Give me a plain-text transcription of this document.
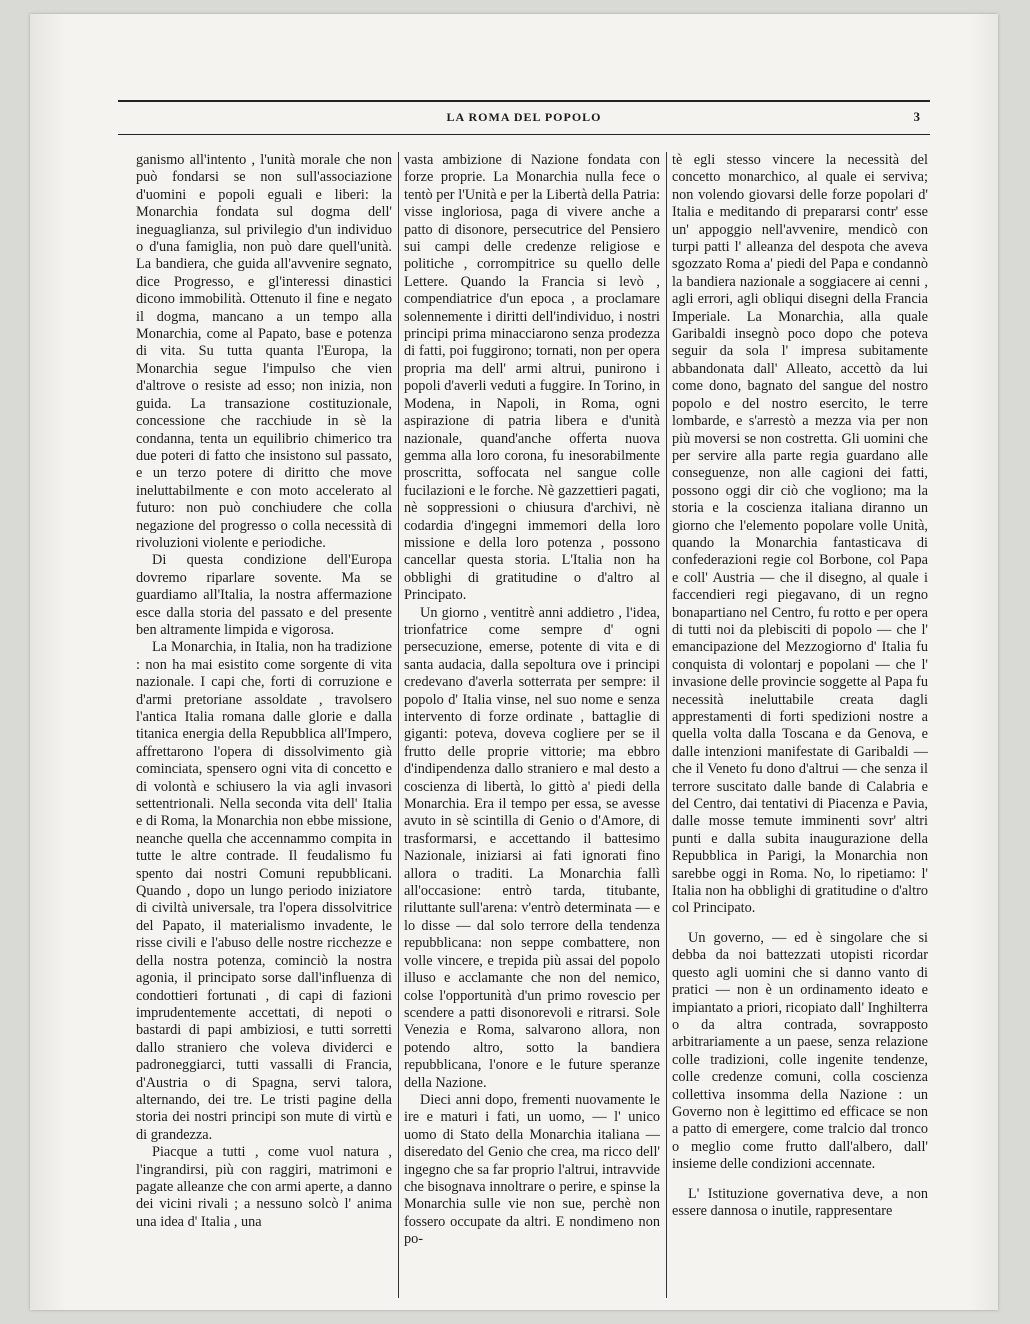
LA ROMA DEL POPOLO	3

ganismo all'intento , l'unità morale che non può fondarsi se non sull'associazione d'uomini e popoli eguali e liberi: la Monarchia fondata sul dogma dell' ineguaglianza, sul privilegio d'un individuo o d'una famiglia, non può dare quell'unità. La bandiera, che guida all'avvenire segnato, dice Progresso, e gl'interessi dinastici dicono immobilità. Ottenuto il fine e negato il dogma, mancano a un tempo alla Monarchia, come al Papato, base e potenza di vita. Su tutta quanta l'Europa, la Monarchia segue l'impulso che vien d'altrove o resiste ad esso; non inizia, non guida. La transazione costituzionale, concessione che racchiude in sè la condanna, tenta un equilibrio chimerico tra due poteri di fatto che insistono sul passato, e un terzo potere di diritto che move ineluttabilmente e con moto accelerato al futuro: non può conchiudere che colla negazione del progresso o colla necessità di rivoluzioni violente e periodiche.

Di questa condizione dell'Europa dovremo riparlare sovente. Ma se guardiamo all'Italia, la nostra affermazione esce dalla storia del passato e del presente ben altramente limpida e vigorosa.

La Monarchia, in Italia, non ha tradizione : non ha mai esistito come sorgente di vita nazionale. I capi che, forti di corruzione e d'armi pretoriane assoldate , travolsero l'antica Italia romana dalle glorie e dalla titanica energia della Repubblica all'Impero, affrettarono l'opera di dissolvimento già cominciata, spensero ogni vita di concetto e di volontà e schiusero la via agli invasori settentrionali. Nella seconda vita dell' Italia e di Roma, la Monarchia non ebbe missione, neanche quella che accennammo compita in tutte le altre contrade. Il feudalismo fu spento dai nostri Comuni repubblicani. Quando , dopo un lungo periodo iniziatore di civiltà universale, tra l'opera dissolvitrice del Papato, il materialismo invadente, le risse civili e l'abuso delle nostre ricchezze e della nostra potenza, cominciò la nostra agonia, il principato sorse dall'influenza di condottieri fortunati , di capi di fazioni imprudentemente accettati, di nepoti o bastardi di papi ambiziosi, e tutti sorretti dallo straniero che voleva dividerci e padroneggiarci, tutti vassalli di Francia, d'Austria o di Spagna, servi talora, alternando, dei tre. Le tristi pagine della storia dei nostri principi son mute di virtù e di grandezza.

Piacque a tutti , come vuol natura , l'ingrandirsi, più con raggiri, matrimoni e pagate alleanze che con armi aperte, a danno dei vicini rivali ; a nessuno solcò l' anima una idea d' Italia , una

vasta ambizione di Nazione fondata con forze proprie. La Monarchia nulla fece o tentò per l'Unità e per la Libertà della Patria: visse ingloriosa, paga di vivere anche a patto di disonore, persecutrice del Pensiero sui campi delle credenze religiose e politiche , corrompitrice su quello delle Lettere. Quando la Francia si levò , compendiatrice d'un epoca , a proclamare solennemente i diritti dell'individuo, i nostri principi prima minacciarono senza prodezza di fatti, poi fuggirono; tornati, non per opera propria ma dell' armi altrui, punirono i popoli d'averli veduti a fuggire. In Torino, in Modena, in Napoli, in Roma, ogni aspirazione di patria libera e d'unità nazionale, quand'anche offerta nuova gemma alla loro corona, fu inesorabilmente proscritta, soffocata nel sangue colle fucilazioni e le forche. Nè gazzettieri pagati, nè soppressioni o chiusura d'archivi, nè codardia d'ingegni immemori della loro missione e della loro potenza , possono cancellar questa storia. L'Italia non ha obblighi di gratitudine o d'altro al Principato.

Un giorno , ventitrè anni addietro , l'idea, trionfatrice come sempre d' ogni persecuzione, emerse, potente di vita e di santa audacia, dalla sepoltura ove i principi credevano d'averla sotterrata per sempre: il popolo d' Italia vinse, nel suo nome e senza intervento di forze ordinate , battaglie di giganti: poteva, doveva cogliere per se il frutto delle proprie vittorie; ma ebbro d'indipendenza dallo straniero e mal desto a coscienza di libertà, lo gittò a' piedi della Monarchia. Era il tempo per essa, se avesse avuto in sè scintilla di Genio o d'Amore, di trasformarsi, e accettando il battesimo Nazionale, iniziarsi ai fati ignorati fino allora o traditi. La Monarchia fallì all'occasione: entrò tarda, titubante, riluttante sull'arena: v'entrò determinata — e lo disse — dal solo terrore della tendenza repubblicana: non seppe combattere, non volle vincere, e trepida più assai del popolo illuso e acclamante che non del nemico, colse l'opportunità d'un primo rovescio per scendere a patti disonorevoli e ritrarsi. Sole Venezia e Roma, salvarono allora, non potendo altro, sotto la bandiera repubblicana, l'onore e le future speranze della Nazione.

Dieci anni dopo, frementi nuovamente le ire e maturi i fati, un uomo, — l' unico uomo di Stato della Monarchia italiana — diseredato del Genio che crea, ma ricco dell' ingegno che sa far proprio l'altrui, intravvide che bisognava innoltrare o perire, e spinse la Monarchia sulle vie non sue, perchè non fossero occupate da altri. E nondimeno non po-

tè egli stesso vincere la necessità del concetto monarchico, al quale ei serviva; non volendo giovarsi delle forze popolari d' Italia e meditando di prepararsi contr' esse un' appoggio nell'avvenire, mendicò con turpi patti l' alleanza del despota che aveva sgozzato Roma a' piedi del Papa e condannò la bandiera nazionale a soggiacere ai cenni , agli errori, agli obliqui disegni della Francia Imperiale. La Monarchia, alla quale Garibaldi insegnò poco dopo che poteva seguir da sola l' impresa subitamente abbandonata dall' Alleato, accettò da lui come dono, bagnato del sangue del nostro popolo e del nostro esercito, le terre lombarde, e s'arrestò a mezza via per non più moversi se non costretta. Gli uomini che per servire alla parte regia guardano alle conseguenze, non alle cagioni dei fatti, possono oggi dir ciò che vogliono; ma la storia e la coscienza italiana diranno un giorno che l'elemento popolare volle Unità, quando la Monarchia fantasticava di confederazioni regie col Borbone, col Papa e coll' Austria — che il disegno, al quale i faccendieri regi piegavano, di un regno bonapartiano nel Centro, fu rotto e per opera di tutti noi da plebisciti di popolo — che l' emancipazione del Mezzogiorno d' Italia fu conquista di volontarj e popolani — che l' invasione delle provincie soggette al Papa fu necessità ineluttabile creata dagli apprestamenti di forti spedizioni nostre a quella volta dalla Toscana e da Genova, e dalle intenzioni manifestate di Garibaldi — che il Veneto fu dono d'altrui — che senza il terrore suscitato dalle bande di Calabria e del Centro, dai tentativi di Piacenza e Pavia, dalle mosse temute imminenti sovr' altri punti e dalla subita inaugurazione della Repubblica in Parigi, la Monarchia non sarebbe oggi in Roma. No, lo ripetiamo: l' Italia non ha obblighi di gratitudine o d'altro col Principato.

Un governo, — ed è singolare che si debba da noi battezzati utopisti ricordar questo agli uomini che si danno vanto di pratici — non è un ordinamento ideato e impiantato a priori, ricopiato dall' Inghilterra o da altra contrada, sovrapposto arbitrariamente a un paese, senza relazione colle tradizioni, colle ingenite tendenze, colle credenze comuni, colla coscienza collettiva insomma della Nazione : un Governo non è legittimo ed efficace se non a patto di emergere, come tralcio dal tronco o meglio come frutto dall'albero, dall' insieme delle condizioni accennate.

L' Istituzione governativa deve, a non essere dannosa o inutile, rappresentare
